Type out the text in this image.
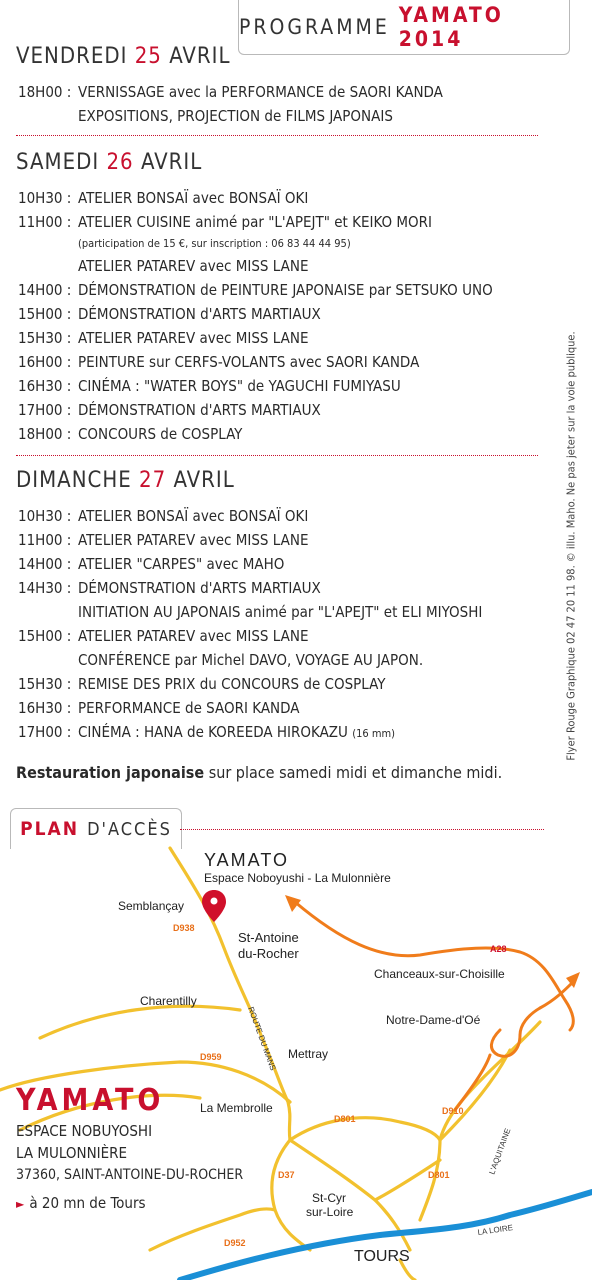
PROGRAMME YAMATO 2014
VENDREDI 25 AVRIL
18H00 : VERNISSAGE avec la PERFORMANCE de SAORI KANDA
EXPOSITIONS, PROJECTION de FILMS JAPONAIS
SAMEDI 26 AVRIL
10H30 : ATELIER BONSAÏ avec BONSAÏ OKI
11H00 : ATELIER CUISINE animé par "L'APEJT" et KEIKO MORI
(participation de 15 €, sur inscription : 06 83 44 44 95)
ATELIER PATAREV avec MISS LANE
14H00 : DÉMONSTRATION de PEINTURE JAPONAISE par SETSUKO UNO
15H00 : DÉMONSTRATION d'ARTS MARTIAUX
15H30 : ATELIER PATAREV avec MISS LANE
16H00 : PEINTURE sur CERFS-VOLANTS avec SAORI KANDA
16H30 : CINÉMA : "WATER BOYS" de YAGUCHI FUMIYASU
17H00 : DÉMONSTRATION d'ARTS MARTIAUX
18H00 : CONCOURS de COSPLAY
DIMANCHE 27 AVRIL
10H30 : ATELIER BONSAÏ avec BONSAÏ OKI
11H00 : ATELIER PATAREV avec MISS LANE
14H00 : ATELIER "CARPES" avec MAHO
14H30 : DÉMONSTRATION d'ARTS MARTIAUX
INITIATION AU JAPONAIS animé par "L'APEJT" et ELI MIYOSHI
15H00 : ATELIER PATAREV avec MISS LANE
CONFÉRENCE par Michel DAVO, VOYAGE AU JAPON.
15H30 : REMISE DES PRIX du CONCOURS de COSPLAY
16H30 : PERFORMANCE de SAORI KANDA
17H00 : CINÉMA : HANA de KOREEDA HIROKAZU (16 mm)	Flyer Rouge Graphique 02 47 20 11 98. © illu. Maho. Ne pas jeter sur la voie publique.
Restauration japonaise sur place samedi midi et dimanche midi.
PLAN D'ACCÈS
YAMATO
Espace Noboyushi - La Mulonnière
Semblançay
St-Antoine
du-Rocher
Chanceaux-sur-Choisille
Charentilly
Notre-Dame-d'Oé
Mettray
La Membrolle
St-Cyr
sur-Loire
TOURS
D938
A28
D959
D801
D910
D37	D801
D952
ROUTE DU MANS
L'AQUITAINE
LA LOIRE
YAMATO
ESPACE NOBUYOSHI
LA MULONNIÈRE
37360, SAINT-ANTOINE-DU-ROCHER
► à 20 mn de Tours
